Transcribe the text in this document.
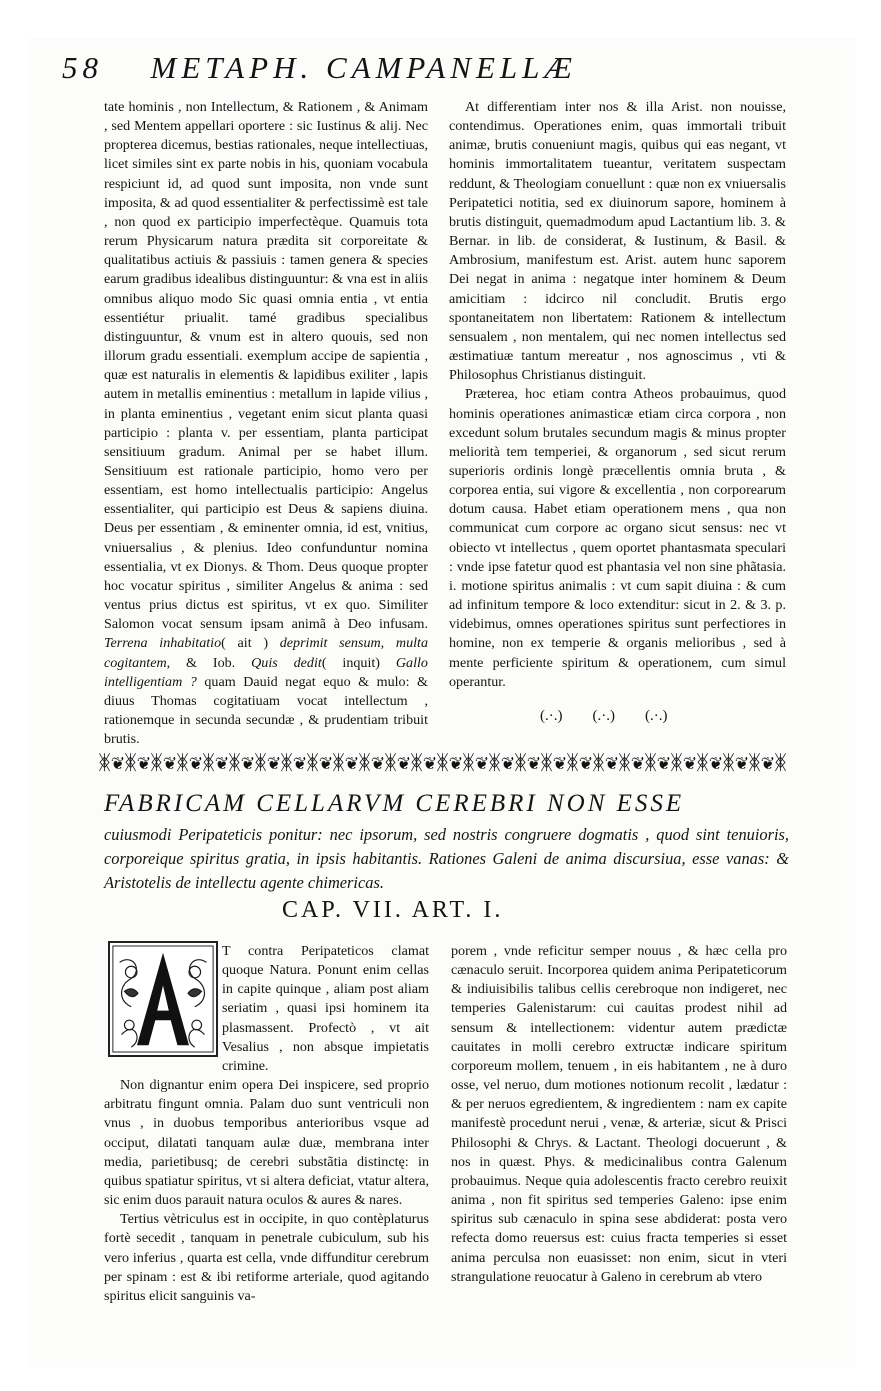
58 METAPH. CAMPANELLÆ

tate hominis , non Intellectum, & Rationem , & Animam , sed Mentem appellari oportere : sic Iustinus & alij. Nec propterea dicemus, bestias rationales, neque intellectiuas, licet similes sint ex parte nobis in his, quoniam vocabula respiciunt id, ad quod sunt imposita, non vnde sunt imposita, & ad quod essentialiter & perfectissimè est tale , non quod ex participio imperfectèque. Quamuis tota rerum Physicarum natura prædita sit corporeitate & qualitatibus actiuis & passiuis : tamen genera & species earum gradibus idealibus distinguuntur: & vna est in aliis omnibus aliquo modo Sic quasi omnia entia , vt entia essentiétur priualit. tamé gradibus specialibus distinguuntur, & vnum est in altero quouis, sed non illorum gradu essentiali. exemplum accipe de sapientia , quæ est naturalis in elementis & lapidibus exiliter , lapis autem in metallis eminentius : metallum in lapide vilius , in planta eminentius , vegetant enim sicut planta quasi participio : planta v. per essentiam, planta participat sensitiuum gradum. Animal per se habet illum. Sensitiuum est rationale participio, homo vero per essentiam, est homo intellectualis participio: Angelus essentialiter, qui participio est Deus & sapiens diuina. Deus per essentiam , & eminenter omnia, id est, vnitius, vniuersalius , & plenius. Ideo confunduntur nomina essentialia, vt ex Dionys. & Thom. Deus quoque propter hoc vocatur spiritus , similiter Angelus & anima : sed ventus prius dictus est spiritus, vt ex quo. Similiter Salomon vocat sensum ipsam animã à Deo infusam. Terrena inhabitatio( ait ) deprimit sensum, multa cogitantem, & Iob. Quis dedit( inquit) Gallo intelligentiam ? quam Dauid negat equo & mulo: & diuus Thomas cogitatiuam vocat intellectum , rationemque in secunda secundæ , & prudentiam tribuit brutis.

At differentiam inter nos & illa Arist. non nouisse, contendimus. Operationes enim, quas immortali tribuit animæ, brutis conueniunt magis, quibus qui eas negant, vt hominis immortalitatem tueantur, veritatem suspectam reddunt, & Theologiam conuellunt : quæ non ex vniuersalis Peripatetici notitia, sed ex diuinorum sapore, hominem à brutis distinguit, quemadmodum apud Lactantium lib. 3. & Bernar. in lib. de considerat, & Iustinum, & Basil. & Ambrosium, manifestum est. Arist. autem hunc saporem Dei negat in anima : negatque inter hominem & Deum amicitiam : idcirco nil concludit. Brutis ergo spontaneitatem non libertatem: Rationem & intellectum sensualem , non mentalem, qui nec nomen intellectus sed æstimatiuæ tantum mereatur , nos agnoscimus , vti & Philosophus Christianus distinguit.

Præterea, hoc etiam contra Atheos probauimus, quod hominis operationes animasticæ etiam circa corpora , non excedunt solum brutales secundum magis & minus propter meliorità tem temperiei, & organorum , sed sicut rerum superioris ordinis longè præcellentis omnia bruta , & corporea entia, sui vigore & excellentia , non corporearum dotum causa. Habet etiam operationem mens , qua non communicat cum corpore ac organo sicut sensus: nec vt obiecto vt intellectus , quem oportet phantasmata speculari : vnde ipse fatetur quod est phantasia vel non sine phãtasia. i. motione spiritus animalis : vt cum sapit diuina : & cum ad infinitum tempore & loco extenditur: sicut in 2. & 3. p. videbimus, omnes operationes spiritus sunt perfectiores in homine, non ex temperie & organis melioribus , sed à mente perficiente spiritum & operationem, cum simul operantur.

(.·.)        (.·.)        (.·.)
ᛤ❦ᛤ❦ᛤ❦ᛤ❦ᛤ❦ᛤ❦ᛤ❦ᛤ❦ᛤ❦ᛤ❦ᛤ❦ᛤ❦ᛤ❦ᛤ❦ᛤ❦ᛤ❦ᛤ❦ᛤ❦ᛤ❦ᛤ❦ᛤ❦ᛤ❦ᛤ❦ᛤ❦ᛤ❦ᛤ❦ᛤ
FABRICAM CELLARVM CEREBRI NON ESSE
cuiusmodi Peripateticis ponitur: nec ipsorum, sed nostris congruere dogmatis , quod sint tenuioris, corporeique spiritus gratia, in ipsis habitantis. Rationes Galeni de anima discursiua, esse vanas: & Aristotelis de intellectu agente chimericas.
CAP. VII. ART. I.

T contra Peripateticos clamat quoque Natura. Ponunt enim cellas in capite quinque , aliam post aliam seriatim , quasi ipsi hominem ita plasmassent. Profectò , vt ait Vesalius , non absque impietatis crimine.

Non dignantur enim opera Dei inspicere, sed proprio arbitratu fingunt omnia. Palam duo sunt ventriculi non vnus , in duobus temporibus anterioribus vsque ad occiput, dilatati tanquam aulæ duæ, membrana inter media, parietibusq; de cerebri substãtia distinctę: in quibus spatiatur spiritus, vt si altera deficiat, vtatur altera, sic enim duos parauit natura oculos & aures & nares.

Tertius vètriculus est in occipite, in quo contèplaturus fortè secedit , tanquam in penetrale cubiculum, sub his vero inferius , quarta est cella, vnde diffunditur cerebrum per spinam : est & ibi retiforme arteriale, quod agitando spiritus elicit sanguinis va-

porem , vnde reficitur semper nouus , & hæc cella pro cænaculo seruit. Incorporea quidem anima Peripateticorum & indiuisibilis talibus cellis cerebroque non indigeret, nec temperies Galenistarum: cui cauitas prodest nihil ad sensum & intellectionem: videntur autem prædictæ cauitates in molli cerebro extructæ indicare spiritum corporeum mollem, tenuem , in eis habitantem , ne à duro osse, vel neruo, dum motiones notionum recolit , lædatur : & per neruos egredientem, & ingredientem : nam ex capite manifestè procedunt nerui , venæ, & arteriæ, sicut & Prisci Philosophi & Chrys. & Lactant. Theologi docuerunt , & nos in quæst. Phys. & medicinalibus contra Galenum probauimus. Neque quia adolescentis fracto cerebro reuixit anima , non fit spiritus sed temperies Galeno: ipse enim spiritus sub cænaculo in spina sese abdiderat: posta vero refecta domo reuersus est: cuius fracta temperies si esset anima perculsa non euasisset: non enim, sicut in vteri strangulatione reuocatur à Galeno in cerebrum ab vtero
